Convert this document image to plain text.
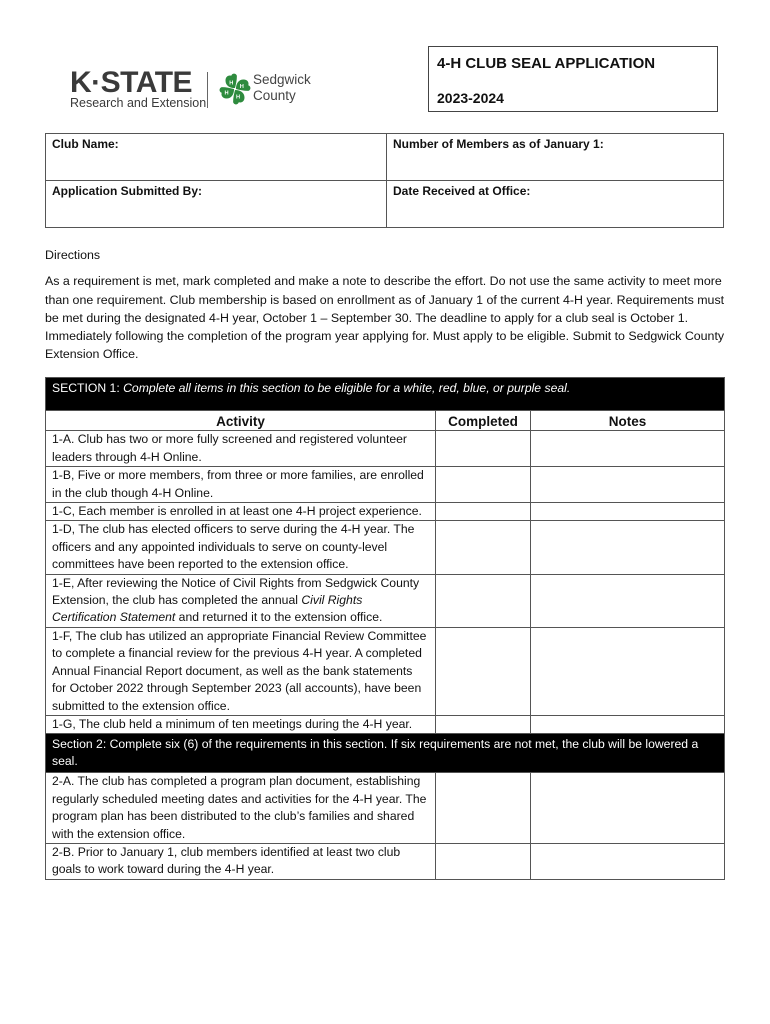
K·STATE
Research and Extension
H
H
H
H
Sedgwick
County
4-H CLUB SEAL APPLICATION
2023-2024
Club Name:	Number of Members as of January 1:
Application Submitted By:	Date Received at Office:
Directions

As a requirement is met, mark completed and make a note to describe the effort. Do not use the same activity to meet more than one requirement. Club membership is based on enrollment as of January 1 of the current 4-H year. Requirements must be met during the designated 4-H year, October 1 – September 30. The deadline to apply for a club seal is October 1. Immediately following the completion of the program year applying for. Must apply to be eligible. Submit to Sedgwick County Extension Office.

SECTION 1: Complete all items in this section to be eligible for a white, red, blue, or purple seal.		
Activity	Completed	Notes
1-A. Club has two or more fully screened and registered volunteer leaders through 4-H Online.		
1-B, Five or more members, from three or more families, are enrolled in the club though 4-H Online.		
1-C, Each member is enrolled in at least one 4-H project experience.		
1-D, The club has elected officers to serve during the 4-H year. The officers and any appointed individuals to serve on county-level committees have been reported to the extension office.		
1-E, After reviewing the Notice of Civil Rights from Sedgwick County Extension, the club has completed the annual Civil Rights Certification Statement and returned it to the extension office.		
1-F, The club has utilized an appropriate Financial Review Committee to complete a financial review for the previous 4-H year. A completed Annual Financial Report document, as well as the bank statements for October 2022 through September 2023 (all accounts), have been submitted to the extension office.		
1-G, The club held a minimum of ten meetings during the 4-H year.		
Section 2: Complete six (6) of the requirements in this section. If six requirements are not met, the club will be lowered a seal.		
2-A. The club has completed a program plan document, establishing regularly scheduled meeting dates and activities for the 4-H year. The program plan has been distributed to the club’s families and shared with the extension office.		
2-B. Prior to January 1, club members identified at least two club goals to work toward during the 4-H year.		
